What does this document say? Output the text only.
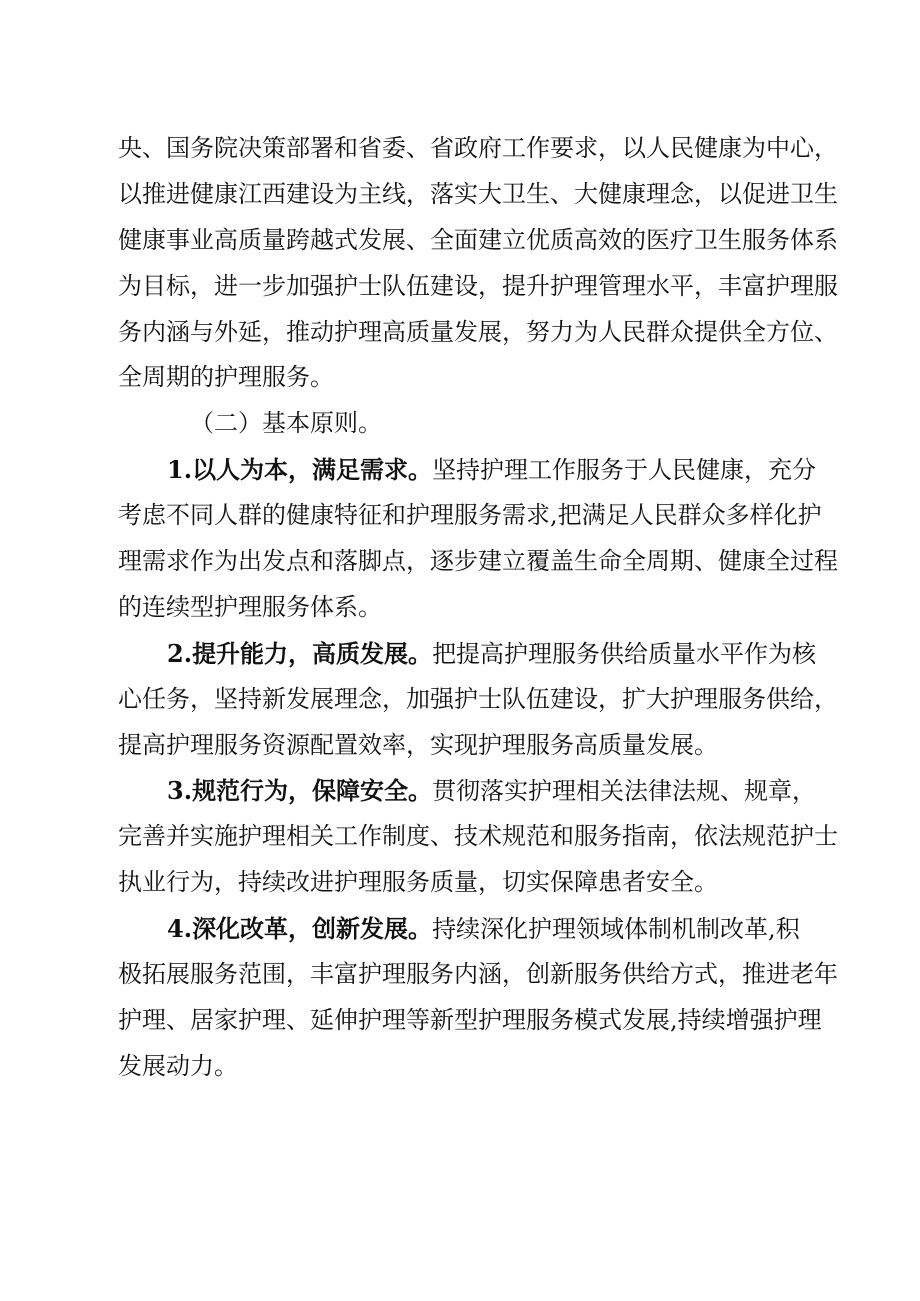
央、国务院决策部署和省委、省政府工作要求，以人民健康为中心，
以推进健康江西建设为主线，落实大卫生、大健康理念，以促进卫生
健康事业高质量跨越式发展、全面建立优质高效的医疗卫生服务体系
为目标，进一步加强护士队伍建设，提升护理管理水平，丰富护理服
务内涵与外延，推动护理高质量发展，努力为人民群众提供全方位、
全周期的护理服务。
（二）基本原则。
1.以人为本，满足需求。坚持护理工作服务于人民健康，充分
考虑不同人群的健康特征和护理服务需求,把满足人民群众多样化护
理需求作为出发点和落脚点，逐步建立覆盖生命全周期、健康全过程
的连续型护理服务体系。
2.提升能力，高质发展。把提高护理服务供给质量水平作为核
心任务，坚持新发展理念，加强护士队伍建设，扩大护理服务供给，
提高护理服务资源配置效率，实现护理服务高质量发展。
3.规范行为，保障安全。贯彻落实护理相关法律法规、规章，
完善并实施护理相关工作制度、技术规范和服务指南，依法规范护士
执业行为，持续改进护理服务质量，切实保障患者安全。
4.深化改革，创新发展。持续深化护理领域体制机制改革,积
极拓展服务范围，丰富护理服务内涵，创新服务供给方式，推进老年
护理、居家护理、延伸护理等新型护理服务模式发展,持续增强护理
发展动力。
